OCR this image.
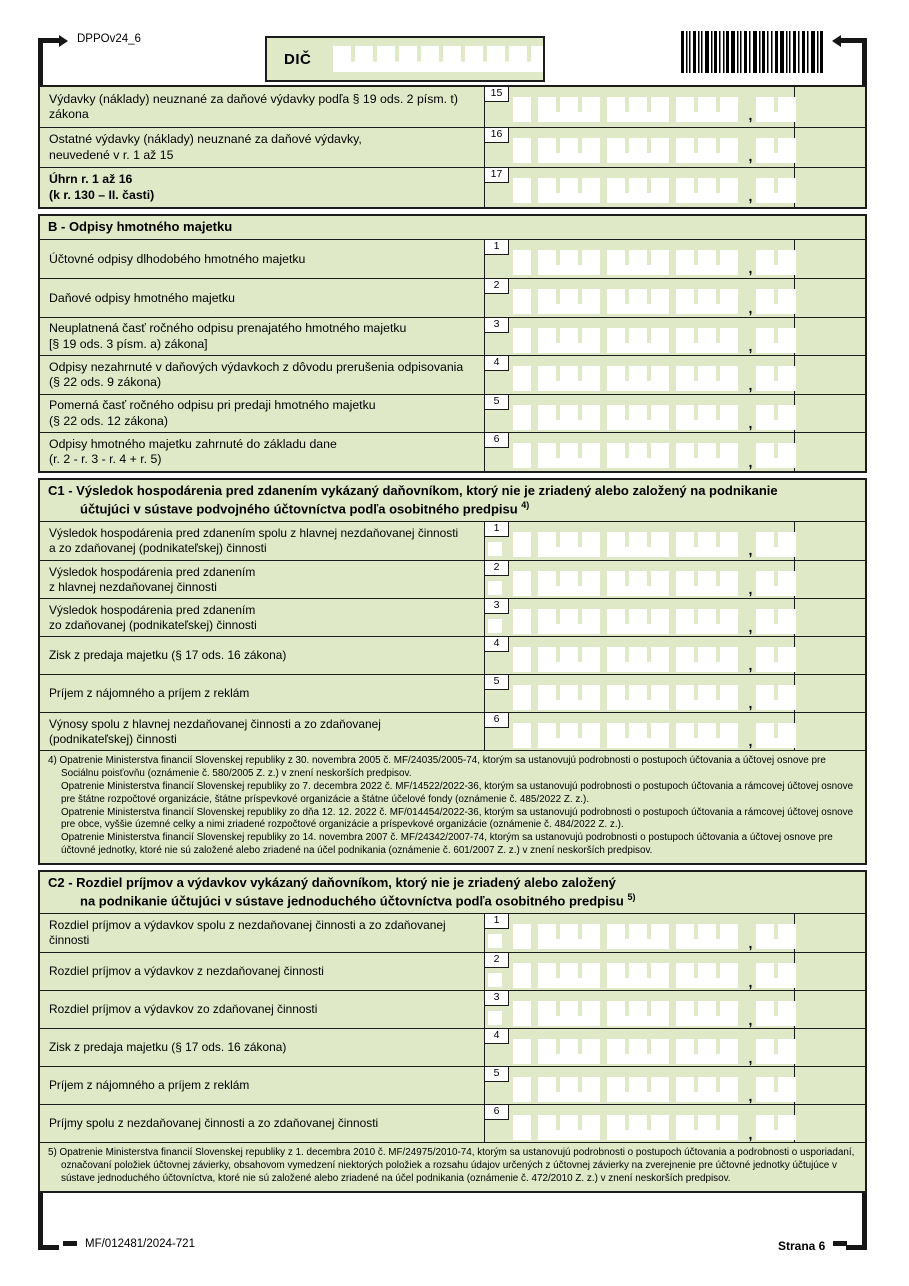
DPPOv24_6
DIČ
Výdavky (náklady) neuznané za daňové výdavky podľa § 19 ods. 2 písm. t)
zákona
15
,
Ostatné výdavky (náklady) neuznané za daňové výdavky,
neuvedené v r. 1 až 15
16
,
Úhrn r. 1 až 16
(k r. 130 – II. časti)
17
,
B - Odpisy hmotného majetku
Účtovné odpisy dlhodobého hmotného majetku
1
,
Daňové odpisy hmotného majetku
2
,
Neuplatnená časť ročného odpisu prenajatého hmotného majetku
[§ 19 ods. 3 písm. a) zákona]
3
,
Odpisy nezahrnuté v daňových výdavkoch z dôvodu prerušenia odpisovania
(§ 22 ods. 9 zákona)
4
,
Pomerná časť ročného odpisu pri predaji hmotného majetku
(§ 22 ods. 12 zákona)
5
,
Odpisy hmotného majetku zahrnuté do základu dane
(r. 2 - r. 3 - r. 4 + r. 5)
6
,
C1 - Výsledok hospodárenia pred zdanením vykázaný daňovníkom, ktorý nie je zriadený alebo založený na podnikanie
účtujúci v sústave podvojného účtovníctva podľa osobitného predpisu $^{4)}$
Výsledok hospodárenia pred zdanením spolu z hlavnej nezdaňovanej činnosti
a zo zdaňovanej (podnikateľskej) činnosti
1
,
Výsledok hospodárenia pred zdanením
z hlavnej nezdaňovanej činnosti
2
,
Výsledok hospodárenia pred zdanením
zo zdaňovanej (podnikateľskej) činnosti
3
,
Zisk z predaja majetku (§ 17 ods. 16 zákona)
4
,
Príjem z nájomného a príjem z reklám
5
,
Výnosy spolu z hlavnej nezdaňovanej činnosti a zo zdaňovanej
(podnikateľskej) činnosti
6
,

4) Opatrenie Ministerstva financií Slovenskej republiky z 30. novembra 2005 č. MF/24035/2005-74, ktorým sa ustanovujú podrobnosti o postupoch účtovania a účtovej osnove pre Sociálnu poisťovňu (oznámenie č. 580/2005 Z. z.) v znení neskorších predpisov.

Opatrenie Ministerstva financií Slovenskej republiky zo 7. decembra 2022 č. MF/14522/2022-36, ktorým sa ustanovujú podrobnosti o postupoch účtovania a rámcovej účtovej osnove pre štátne rozpočtové organizácie, štátne príspevkové organizácie a štátne účelové fondy (oznámenie č. 485/2022 Z. z.).

Opatrenie Ministerstva financií Slovenskej republiky zo dňa 12. 12. 2022 č. MF/014454/2022-36, ktorým sa ustanovujú podrobnosti o postupoch účtovania a rámcovej účtovej osnove pre obce, vyššie územné celky a nimi zriadené rozpočtové organizácie a príspevkové organizácie (oznámenie č. 484/2022 Z. z.).

Opatrenie Ministerstva financií Slovenskej republiky zo 14. novembra 2007 č. MF/24342/2007-74, ktorým sa ustanovujú podrobnosti o postupoch účtovania a účtovej osnove pre účtovné jednotky, ktoré nie sú založené alebo zriadené na účel podnikania (oznámenie č. 601/2007 Z. z.) v znení neskorších predpisov.

C2 - Rozdiel príjmov a výdavkov vykázaný daňovníkom, ktorý nie je zriadený alebo založený
na podnikanie účtujúci v sústave jednoduchého účtovníctva podľa osobitného predpisu $^{5)}$
Rozdiel príjmov a výdavkov spolu z nezdaňovanej činnosti a zo zdaňovanej
činnosti
1
,
Rozdiel príjmov a výdavkov z nezdaňovanej činnosti
2
,
Rozdiel príjmov a výdavkov zo zdaňovanej činnosti
3
,
Zisk z predaja majetku (§ 17 ods. 16 zákona)
4
,
Príjem z nájomného a príjem z reklám
5
,
Príjmy spolu z nezdaňovanej činnosti a zo zdaňovanej činnosti
6
,

5) Opatrenie Ministerstva financií Slovenskej republiky z 1. decembra 2010 č. MF/24975/2010-74, ktorým sa ustanovujú podrobnosti o postupoch účtovania a podrobnosti o usporiadaní, označovaní položiek účtovnej závierky, obsahovom vymedzení niektorých položiek a rozsahu údajov určených z účtovnej závierky na zverejnenie pre účtovné jednotky účtujúce v sústave jednoduchého účtovníctva, ktoré nie sú založené alebo zriadené na účel podnikania (oznámenie č. 472/2010 Z. z.) v znení neskorších predpisov.

MF/012481/2024-721	Strana 6
